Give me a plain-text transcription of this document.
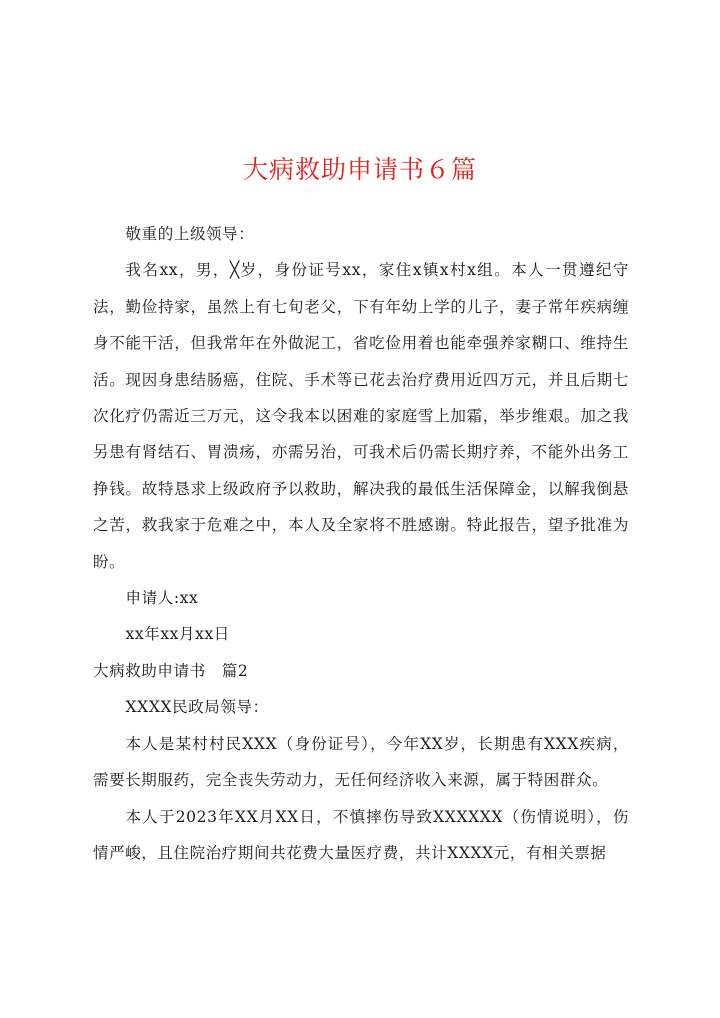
大病救助申请书６篇

敬重的上级领导：

我名xx，男，╳岁，身份证号xx，家住x镇x村x组。本人一贯遵纪守法，勤俭持家，虽然上有七旬老父，下有年幼上学的儿子，妻子常年疾病缠身不能干活，但我常年在外做泥工，省吃俭用着也能牵强养家糊口、维持生活。现因身患结肠癌，住院、手术等已花去治疗费用近四万元，并且后期七次化疗仍需近三万元，这令我本以困难的家庭雪上加霜，举步维艰。加之我另患有肾结石、胃溃疡，亦需另治，可我术后仍需长期疗养，不能外出务工挣钱。故特恳求上级政府予以救助，解决我的最低生活保障金，以解我倒悬之苦，救我家于危难之中，本人及全家将不胜感谢。特此报告，望予批准为盼。

申请人:xx

xx年xx月xx日

大病救助申请书　篇2

XXXX民政局领导：

本人是某村村民XXX（身份证号），今年XX岁，长期患有XXX疾病，需要长期服药，完全丧失劳动力，无任何经济收入来源，属于特困群众。

本人于2023年XX月XX日，不慎摔伤导致XXXXXX（伤情说明），伤情严峻，且住院治疗期间共花费大量医疗费，共计XXXX元，有相关票据
